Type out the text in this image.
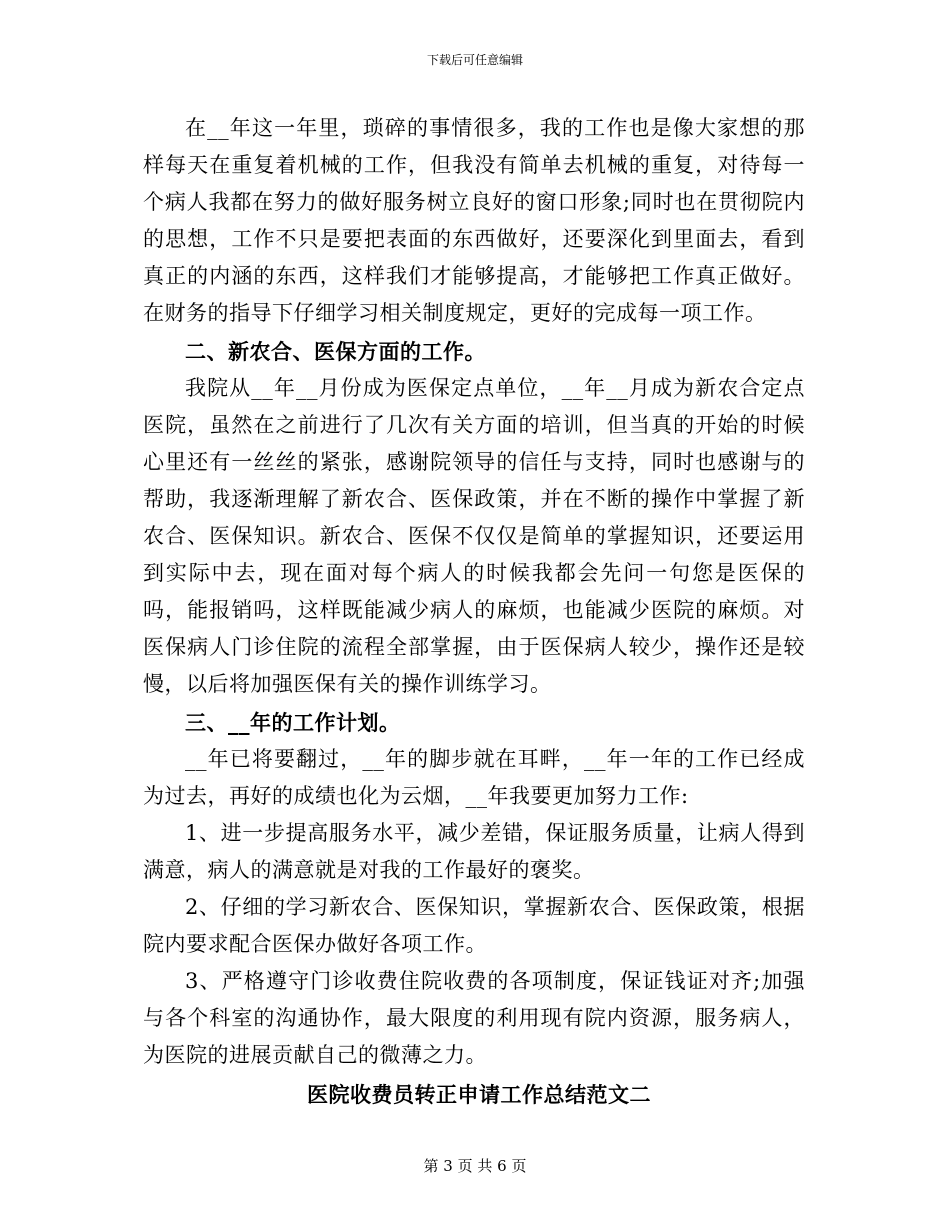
下载后可任意编辑

在__年这一年里，琐碎的事情很多，我的工作也是像大家想的那样每天在重复着机械的工作，但我没有简单去机械的重复，对待每一个病人我都在努力的做好服务树立良好的窗口形象;同时也在贯彻院内的思想，工作不只是要把表面的东西做好，还要深化到里面去，看到真正的内涵的东西，这样我们才能够提高，才能够把工作真正做好。在财务的指导下仔细学习相关制度规定，更好的完成每一项工作。

二、新农合、医保方面的工作。

我院从__年__月份成为医保定点单位，__年__月成为新农合定点医院，虽然在之前进行了几次有关方面的培训，但当真的开始的时候心里还有一丝丝的紧张，感谢院领导的信任与支持，同时也感谢与的帮助，我逐渐理解了新农合、医保政策，并在不断的操作中掌握了新农合、医保知识。新农合、医保不仅仅是简单的掌握知识，还要运用到实际中去，现在面对每个病人的时候我都会先问一句您是医保的吗，能报销吗，这样既能减少病人的麻烦，也能减少医院的麻烦。对医保病人门诊住院的流程全部掌握，由于医保病人较少，操作还是较慢，以后将加强医保有关的操作训练学习。

三、__年的工作计划。

__年已将要翻过，__年的脚步就在耳畔，__年一年的工作已经成为过去，再好的成绩也化为云烟，__年我要更加努力工作:

1、进一步提高服务水平，减少差错，保证服务质量，让病人得到满意，病人的满意就是对我的工作最好的褒奖。

2、仔细的学习新农合、医保知识，掌握新农合、医保政策，根据院内要求配合医保办做好各项工作。

3、严格遵守门诊收费住院收费的各项制度，保证钱证对齐;加强与各个科室的沟通协作，最大限度的利用现有院内资源，服务病人，为医院的进展贡献自己的微薄之力。

医院收费员转正申请工作总结范文二
第 3 页 共 6 页
